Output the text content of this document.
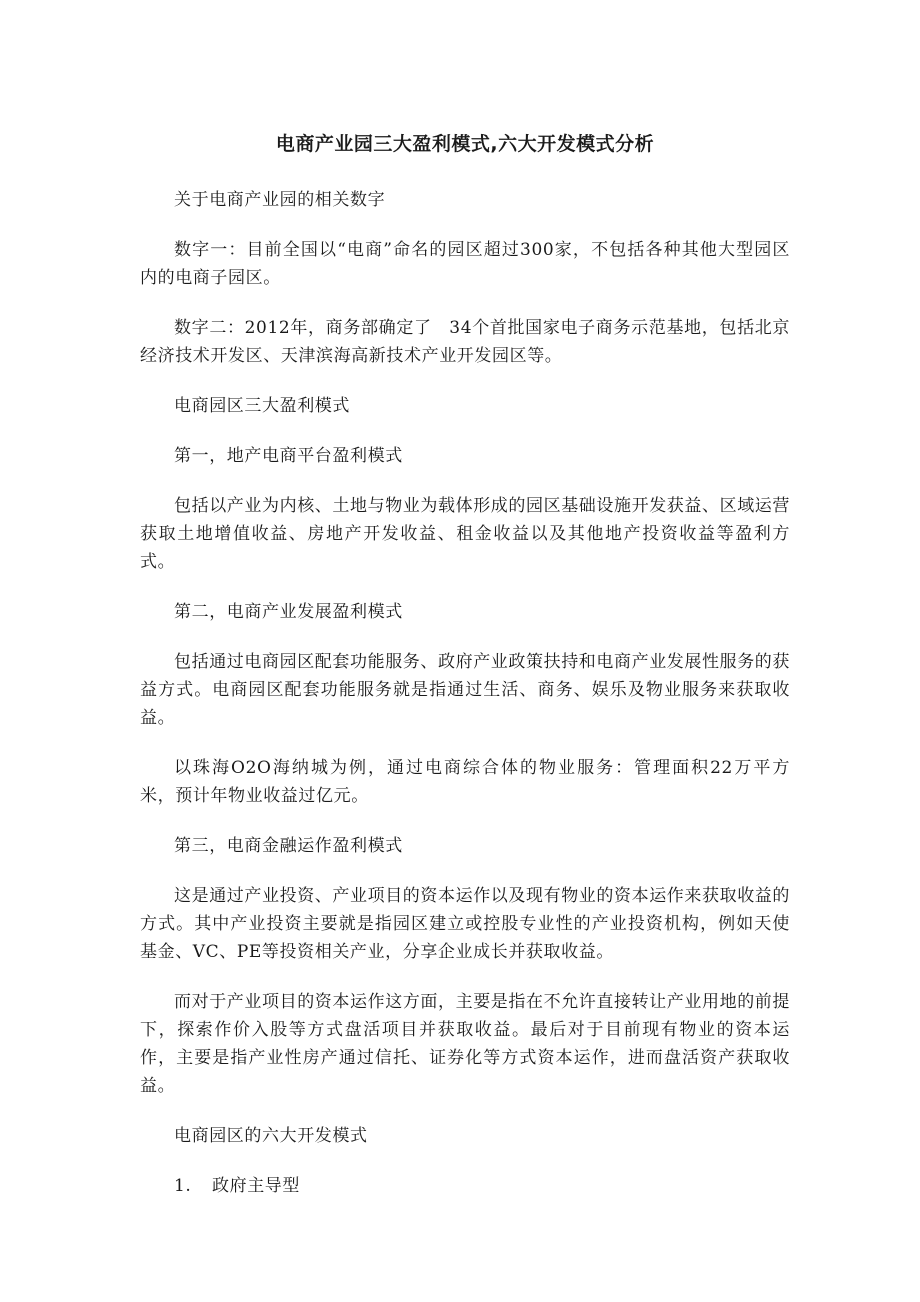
电商产业园三大盈利模式,六大开发模式分析

关于电商产业园的相关数字

数字一：目前全国以“电商”命名的园区超过300家，不包括各种其他大型园区内的电商子园区。

数字二：2012年，商务部确定了　34个首批国家电子商务示范基地，包括北京经济技术开发区、天津滨海高新技术产业开发园区等。

电商园区三大盈利模式

第一，地产电商平台盈利模式

包括以产业为内核、土地与物业为载体形成的园区基础设施开发获益、区域运营获取土地增值收益、房地产开发收益、租金收益以及其他地产投资收益等盈利方式。

第二，电商产业发展盈利模式

包括通过电商园区配套功能服务、政府产业政策扶持和电商产业发展性服务的获益方式。电商园区配套功能服务就是指通过生活、商务、娱乐及物业服务来获取收益。

以珠海O2O海纳城为例，通过电商综合体的物业服务：管理面积22万平方　米，预计年物业收益过亿元。

第三，电商金融运作盈利模式

这是通过产业投资、产业项目的资本运作以及现有物业的资本运作来获取收益的方式。其中产业投资主要就是指园区建立或控股专业性的产业投资机构，例如天使基金、VC、PE等投资相关产业，分享企业成长并获取收益。

而对于产业项目的资本运作这方面，主要是指在不允许直接转让产业用地的前提下，探索作价入股等方式盘活项目并获取收益。最后对于目前现有物业的资本运作，主要是指产业性房产通过信托、证券化等方式资本运作，进而盘活资产获取收益。

电商园区的六大开发模式

1. 政府主导型
